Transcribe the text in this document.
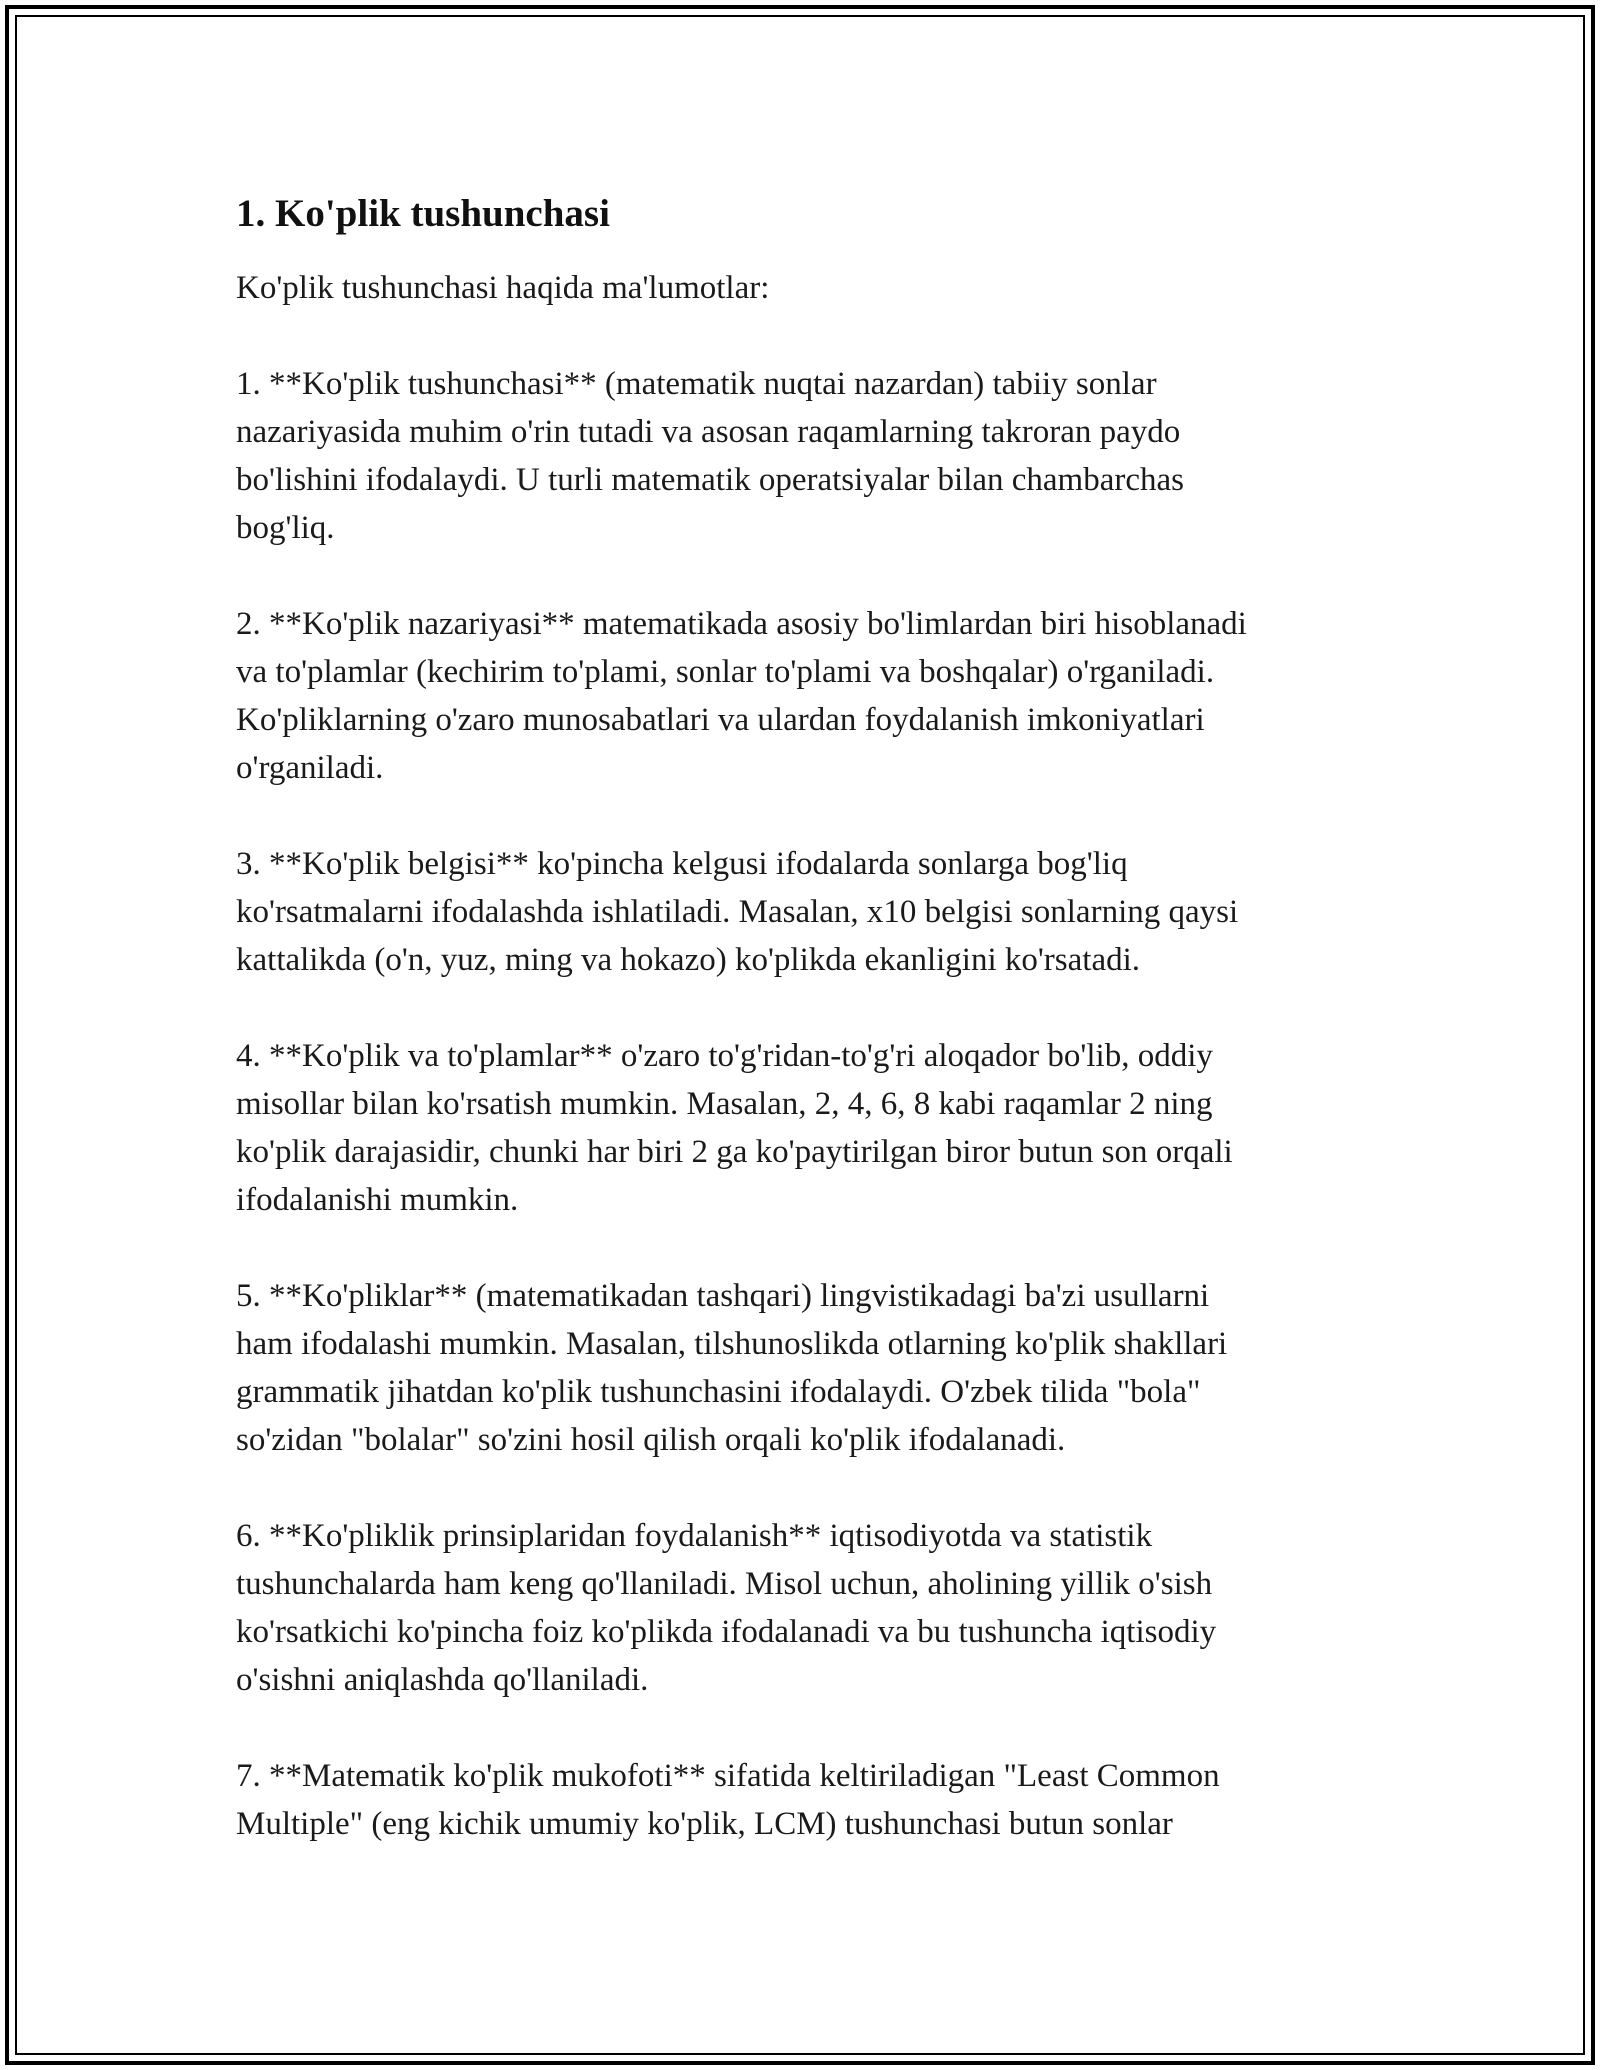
1. Ko'plik tushunchasi

Ko'plik tushunchasi haqida ma'lumotlar:

1. **Ko'plik tushunchasi** (matematik nuqtai nazardan) tabiiy sonlar
nazariyasida muhim o'rin tutadi va asosan raqamlarning takroran paydo
bo'lishini ifodalaydi. U turli matematik operatsiyalar bilan chambarchas
bog'liq.

2. **Ko'plik nazariyasi** matematikada asosiy bo'limlardan biri hisoblanadi
va to'plamlar (kechirim to'plami, sonlar to'plami va boshqalar) o'rganiladi.
Ko'pliklarning o'zaro munosabatlari va ulardan foydalanish imkoniyatlari
o'rganiladi.

3. **Ko'plik belgisi** ko'pincha kelgusi ifodalarda sonlarga bog'liq
ko'rsatmalarni ifodalashda ishlatiladi. Masalan, x10 belgisi sonlarning qaysi
kattalikda (o'n, yuz, ming va hokazo) ko'plikda ekanligini ko'rsatadi.

4. **Ko'plik va to'plamlar** o'zaro to'g'ridan-to'g'ri aloqador bo'lib, oddiy
misollar bilan ko'rsatish mumkin. Masalan, 2, 4, 6, 8 kabi raqamlar 2 ning
ko'plik darajasidir, chunki har biri 2 ga ko'paytirilgan biror butun son orqali
ifodalanishi mumkin.

5. **Ko'pliklar** (matematikadan tashqari) lingvistikadagi ba'zi usullarni
ham ifodalashi mumkin. Masalan, tilshunoslikda otlarning ko'plik shakllari
grammatik jihatdan ko'plik tushunchasini ifodalaydi. O'zbek tilida "bola"
so'zidan "bolalar" so'zini hosil qilish orqali ko'plik ifodalanadi.

6. **Ko'pliklik prinsiplaridan foydalanish** iqtisodiyotda va statistik
tushunchalarda ham keng qo'llaniladi. Misol uchun, aholining yillik o'sish
ko'rsatkichi ko'pincha foiz ko'plikda ifodalanadi va bu tushuncha iqtisodiy
o'sishni aniqlashda qo'llaniladi.

7. **Matematik ko'plik mukofoti** sifatida keltiriladigan "Least Common
Multiple" (eng kichik umumiy ko'plik, LCM) tushunchasi butun sonlar
